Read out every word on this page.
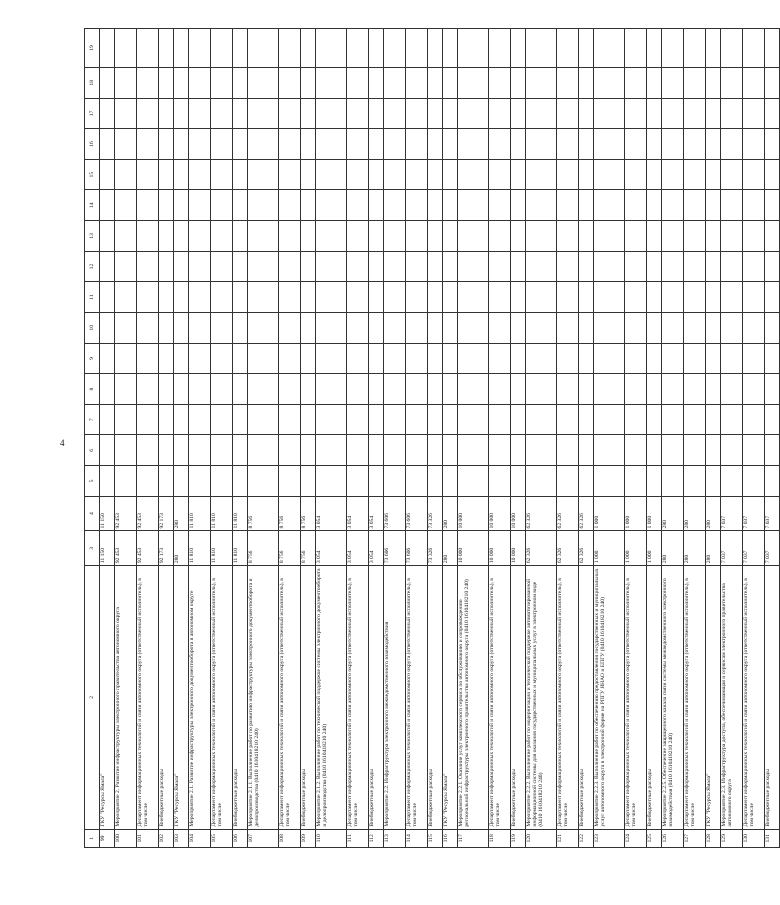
4
1	2	3	4	5	6	7	8	9	10	11	12	13	14	15	16	17	18	19
99	ГКУ "Ресурсы Ямала"	11 150	11 150															
100	Мероприятие 2. Развитие инфраструктуры электронного правительства автономного округа	92 453	92 453															
101	Департамент информационных технологий и связи автономного округа (ответственный исполнитель), в том числе	92 453	92 453															
102	Внебюджетные расходы	92 173	92 173															
103	ГКУ "Ресурсы Ямала"	280	280															
104	Мероприятие 2.1. Развитие инфраструктуры электронного документооборота в автономном округе	11 810	11 810															
105	Департамент информационных технологий и связи автономного округа (ответственный исполнитель), в том числе	11 810	11 810															
106	Внебюджетные расходы	11 810	11 810															
107	Мероприятие 2.1.1. Выполнение работ по развитию инфраструктуры электронного документооборота и делопроизводства (0410 1610418210 240)	8 756	8 756															
108	Департамент информационных технологий и связи автономного округа (ответственный исполнитель), в том числе	8 756	8 756															
109	Внебюджетные расходы	8 756	8 756															
110	Мероприятие 2.1.2. Выполнение работ по технической поддержке системы электронного документооборота и делопроизводства (0410 1610418210 240)	3 054	3 054															
111	Департамент информационных технологий и связи автономного округа (ответственный исполнитель), в том числе	3 054	3 054															
112	Внебюджетные расходы	3 054	3 054															
113	Мероприятие 2.2. Инфраструктура электронного межведомственного взаимодействия	73 606	73 606															
114	Департамент информационных технологий и связи автономного округа (ответственный исполнитель), в том числе	73 606	73 606															
115	Внебюджетные расходы	73 326	73 326															
116	ГКУ "Ресурсы Ямала"	280	280															
117	Мероприятие 2.2.1. Оказание услуг комплексного сервиса по обслуживанию и сопровождению региональной инфраструктуры электронного правительства автономного округа (0410 1610418210 240)	10 000	10 000															
118	Департамент информационных технологий и связи автономного округа (ответственный исполнитель), в том числе	10 000	10 000															
119	Внебюджетные расходы	10 000	10 000															
120	Мероприятие 2.2.2. Выполнение работ по модернизации и технической поддержке автоматизированной информационной системы для оказания государственных и муниципальных услуг в электронном виде (0410 1610418210 240)	62 326	62 326															
121	Департамент информационных технологий и связи автономного округа (ответственный исполнитель), в том числе	62 326	62 326															
122	Внебюджетные расходы	62 326	62 326															
123	Мероприятие 2.2.3. Выполнение работ по обеспечению предоставления государственных и муниципальных услуг автономного округа в электронной форме на РПГУ ЯНАО и ЕПГУ (0410 1610418210 240)	1 000	1 000															
124	Департамент информационных технологий и связи автономного округа (ответственный исполнитель), в том числе	1 000	1 000															
125	Внебюджетные расходы	1 000	1 000															
126	Мероприятие 2.2.5. Обеспечение защищенного канала связи системы межведомственного электронного взаимодействия (0410 1610418210 240)	280	280															
127	Департамент информационных технологий и связи автономного округа (ответственный исполнитель), в том числе	280	280															
128	ГКУ "Ресурсы Ямала"	280	280															
129	Мероприятие 2.3. Инфраструктура доступа, обеспечивающая и сервисам электронного правительства автономного округа	7 037	7 037															
130	Департамент информационных технологий и связи автономного округа (ответственный исполнитель), в том числе	7 037	7 037															
131	Внебюджетные расходы	7 037	7 037															
